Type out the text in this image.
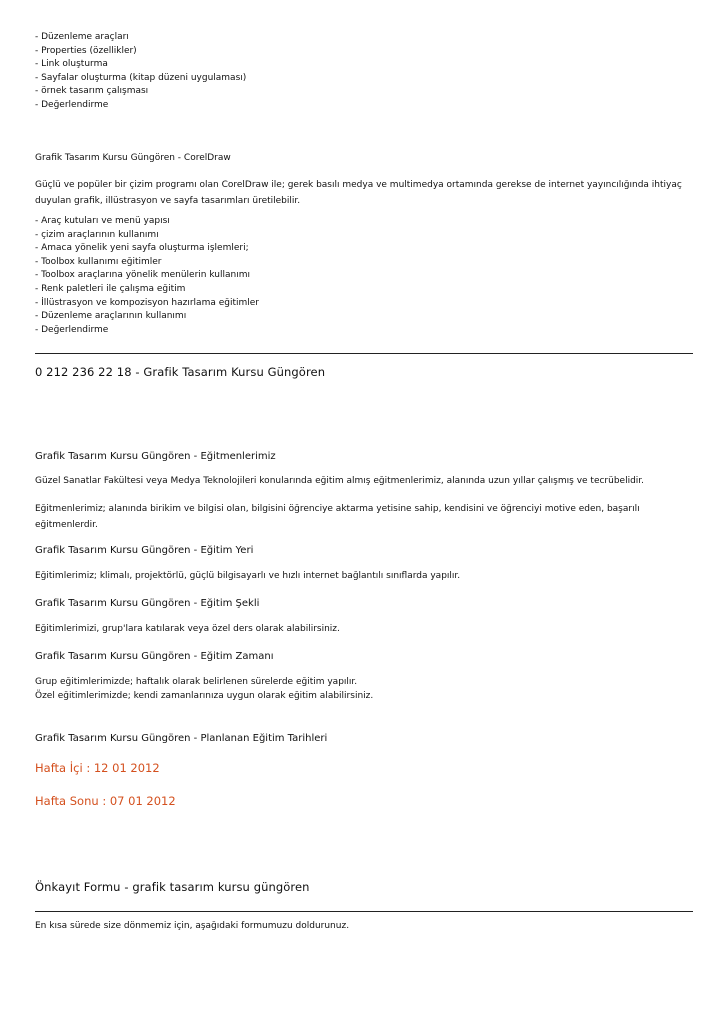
- Düzenleme araçları
- Properties (özellikler)
- Link oluşturma
- Sayfalar oluşturma (kitap düzeni uygulaması)
- örnek tasarım çalışması
- Değerlendirme
Grafik Tasarım Kursu Güngören - CorelDraw
Güçlü ve popüler bir çizim programı olan CorelDraw ile; gerek basılı medya ve multimedya ortamında gerekse de internet yayıncılığında ihtiyaç duyulan grafik, illüstrasyon ve sayfa tasarımları üretilebilir.
- Araç kutuları ve menü yapısı
- çizim araçlarının kullanımı
- Amaca yönelik yeni sayfa oluşturma işlemleri;
- Toolbox kullanımı eğitimler
- Toolbox araçlarına yönelik menülerin kullanımı
- Renk paletleri ile çalışma eğitim
- İllüstrasyon ve kompozisyon hazırlama eğitimler
- Düzenleme araçlarının kullanımı
- Değerlendirme
0 212 236 22 18 - Grafik Tasarım Kursu Güngören
Grafik Tasarım Kursu Güngören - Eğitmenlerimiz
Güzel Sanatlar Fakültesi veya Medya Teknolojileri konularında eğitim almış eğitmenlerimiz, alanında uzun yıllar çalışmış ve tecrübelidir.
Eğitmenlerimiz; alanında birikim ve bilgisi olan, bilgisini öğrenciye aktarma yetisine sahip, kendisini ve öğrenciyi motive eden, başarılı eğitmenlerdir.
Grafik Tasarım Kursu Güngören - Eğitim Yeri
Eğitimlerimiz; klimalı, projektörlü, güçlü bilgisayarlı ve hızlı internet bağlantılı sınıflarda yapılır.
Grafik Tasarım Kursu Güngören - Eğitim Şekli
Eğitimlerimizi, grup'lara katılarak veya özel ders olarak alabilirsiniz.
Grafik Tasarım Kursu Güngören - Eğitim Zamanı
Grup eğitimlerimizde; haftalık olarak belirlenen sürelerde eğitim yapılır.
Özel eğitimlerimizde; kendi zamanlarınıza uygun olarak eğitim alabilirsiniz.
Grafik Tasarım Kursu Güngören - Planlanan Eğitim Tarihleri
Hafta İçi : 12 01 2012
Hafta Sonu : 07 01 2012
Önkayıt Formu - grafik tasarım kursu güngören
En kısa sürede size dönmemiz için, aşağıdaki formumuzu doldurunuz.
